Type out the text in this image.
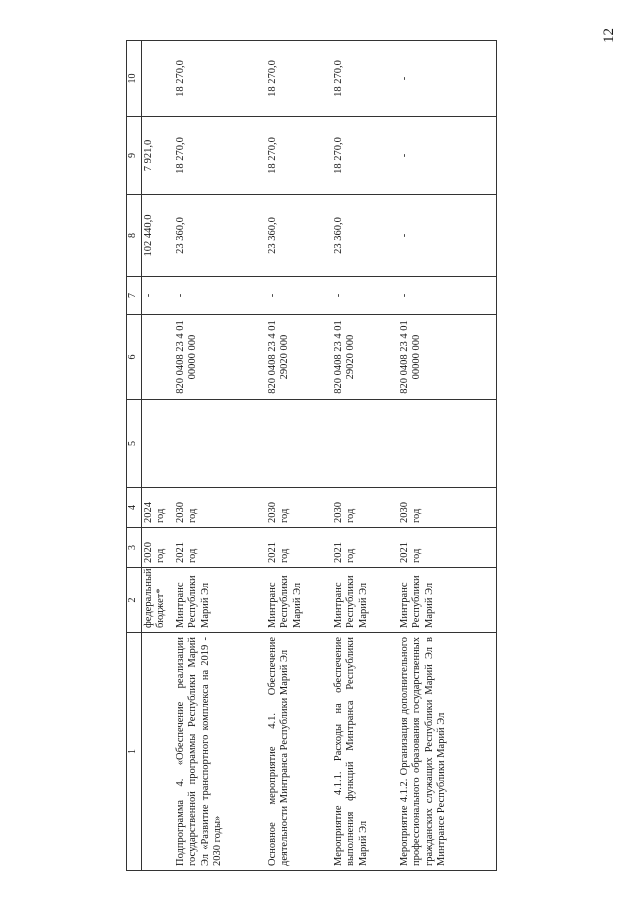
12
1	2	3	4	5	6	7	8	9	10
	федеральный бюджет*	2020 год	2024 год			-	102 440,0	7 921,0	
Подпрограмма 4. «Обеспечение реализации государственной программы Республики Марий Эл «Развитие транспортного комплекса на 2019 - 2030 годы»	Минтранс Республики Марий Эл	2021 год	2030 год		820 0408 23 4 01 00000 000	-	23 360,0	18 270,0	18 270,0
Основное мероприятие 4.1. Обеспечение деятельности Минтранса Республики Марий Эл	Минтранс Республики Марий Эл	2021 год	2030 год		820 0408 23 4 01 29020 000	-	23 360,0	18 270,0	18 270,0
Мероприятие 4.1.1. Расходы на обеспечение выполнения функций Минтранса Республики Марий Эл	Минтранс Республики Марий Эл	2021 год	2030 год		820 0408 23 4 01 29020 000	-	23 360,0	18 270,0	18 270,0
Мероприятие 4.1.2. Организация дополнительного профессионального образования государственных гражданских служащих Республики Марий Эл в Минтрансе Республики Марий Эл	Минтранс Республики Марий Эл	2021 год	2030 год		820 0408 23 4 01 00000 000	-	-	-	-
